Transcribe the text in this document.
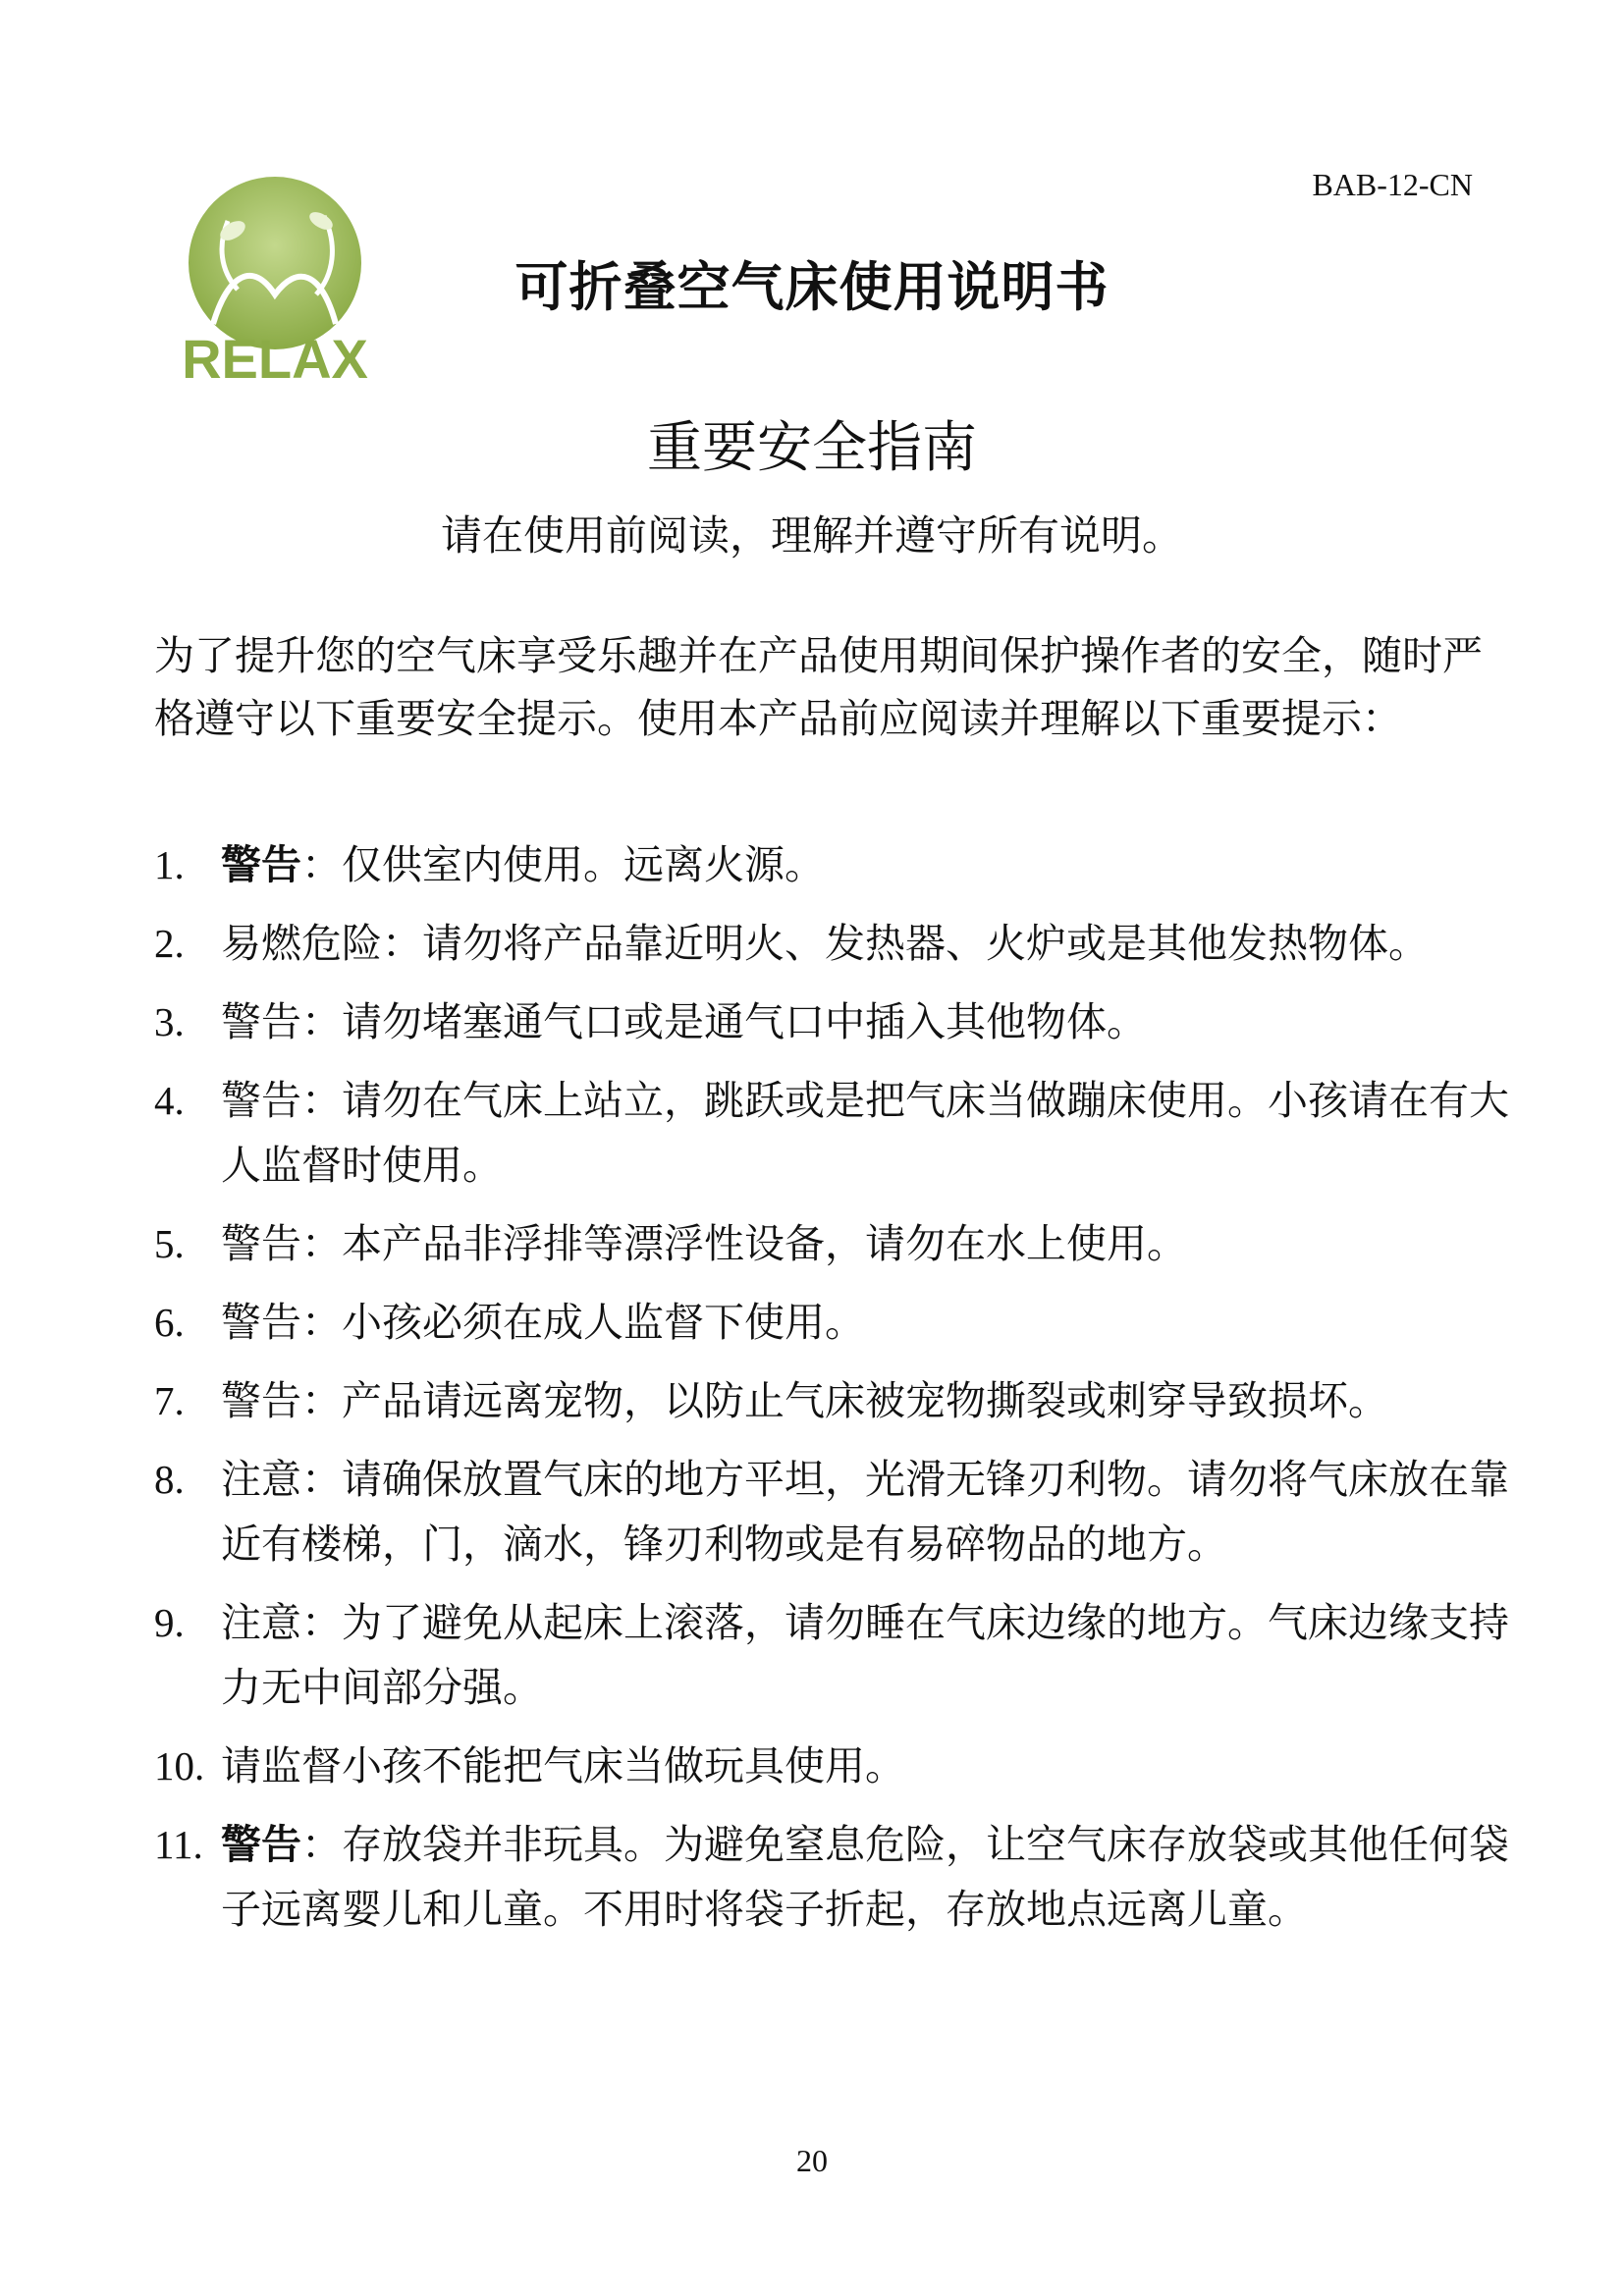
BAB-12-CN
RELAX
可折叠空气床使用说明书
重要安全指南
请在使用前阅读，理解并遵守所有说明。

为了提升您的空气床享受乐趣并在产品使用期间保护操作者的安全，随时严格遵守以下重要安全提示。使用本产品前应阅读并理解以下重要提示：

1. 警告：仅供室内使用。远离火源。
2. 易燃危险：请勿将产品靠近明火、发热器、火炉或是其他发热物体。
3. 警告：请勿堵塞通气口或是通气口中插入其他物体。
4. 警告：请勿在气床上站立，跳跃或是把气床当做蹦床使用。小孩请在有大人监督时使用。
5. 警告：本产品非浮排等漂浮性设备，请勿在水上使用。
6. 警告：小孩必须在成人监督下使用。
7. 警告：产品请远离宠物，以防止气床被宠物撕裂或刺穿导致损坏。
8. 注意：请确保放置气床的地方平坦，光滑无锋刃利物。请勿将气床放在靠近有楼梯，门，滴水，锋刃利物或是有易碎物品的地方。
9. 注意：为了避免从起床上滚落，请勿睡在气床边缘的地方。气床边缘支持力无中间部分强。
10. 请监督小孩不能把气床当做玩具使用。
11. 警告：存放袋并非玩具。为避免窒息危险，让空气床存放袋或其他任何袋子远离婴儿和儿童。不用时将袋子折起，存放地点远离儿童。
20
